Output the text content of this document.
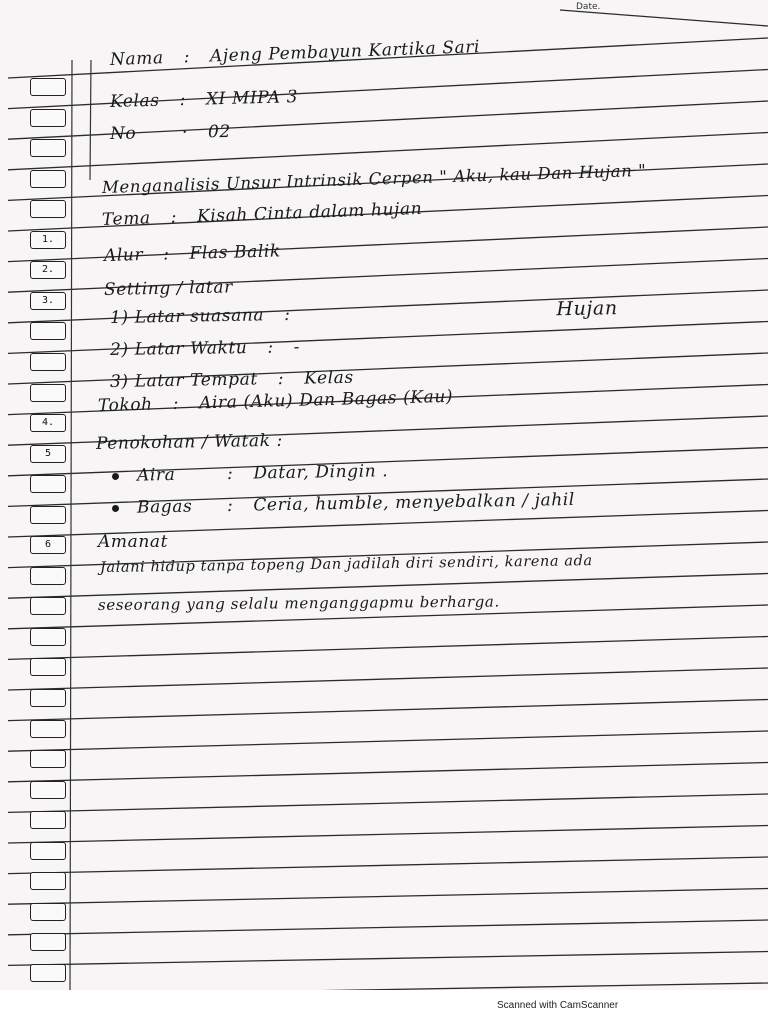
Date.
1.
2.
3.
4.
5
6
Nama : Ajeng Pembayun Kartika Sari
Kelas : XI MIPA 3
No	· 02
Menganalisis Unsur Intrinsik Cerpen " Aku, kau Dan Hujan "
Tema : Kisah Cinta dalam hujan
Alur : Flas Balik
Setting / latar
1) Latar suasana :	Hujan
2) Latar Waktu : -
3) Latar Tempat : Kelas
Tokoh : Aira (Aku) Dan Bagas (Kau)
Penokohan / Watak :
Aira	: Datar, Dingin .
Bagas : Ceria, humble, menyebalkan / jahil
Amanat
Jalani hidup tanpa topeng Dan jadilah diri sendiri, karena ada
seseorang yang selalu menganggapmu berharga.
Scanned with CamScanner
